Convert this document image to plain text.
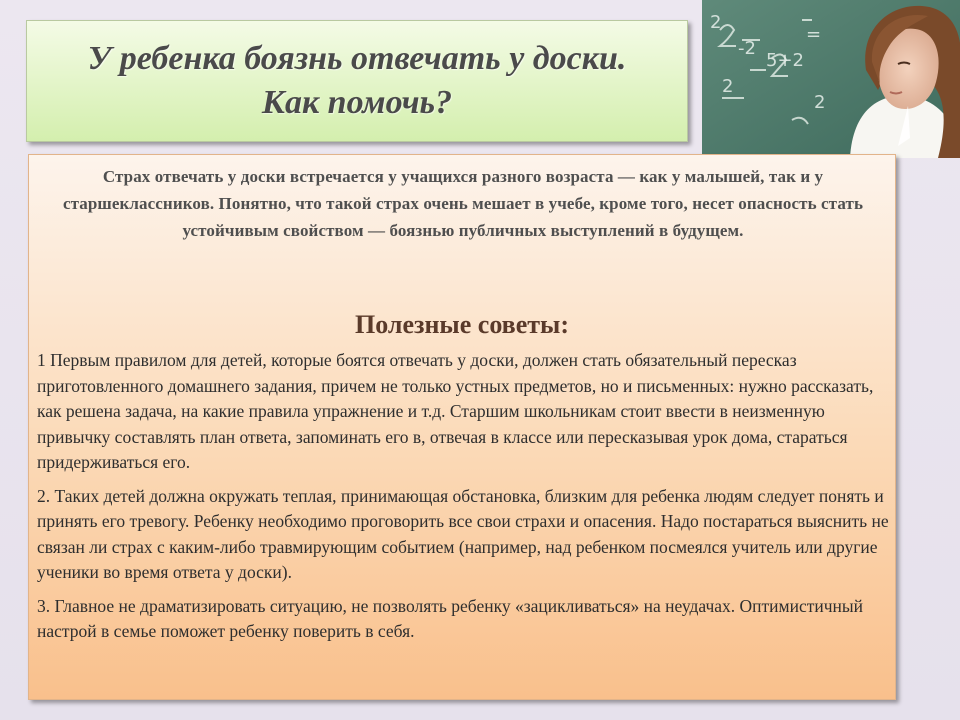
У ребенка боязнь отвечать у доски.
Как помочь?
2
-2
2
5+2
=
2
Страх отвечать у доски встречается у учащихся разного возраста — как у малышей, так и у старшеклассников. Понятно, что такой страх очень мешает в учебе, кроме того, несет опасность стать устойчивым свойством — боязнью публичных выступлений в будущем.
Полезные советы:

1 Первым правилом для детей, которые боятся отвечать у доски, должен стать обязательный пересказ приготовленного домашнего задания, причем не только устных предметов, но и письменных: нужно рассказать, как решена задача, на какие правила упражнение и т.д. Старшим школьникам стоит ввести в неизменную привычку составлять план ответа, запоминать его в, отвечая в классе или пересказывая урок дома, стараться придерживаться его.

2. Таких детей должна окружать теплая, принимающая обстановка, близким для ребенка людям следует понять и принять его тревогу. Ребенку необходимо проговорить все свои страхи и опасения. Надо постараться выяснить не связан ли страх с каким-либо травмирующим событием (например, над ребенком посмеялся учитель или другие ученики во время ответа у доски).

3. Главное не драматизировать ситуацию, не позволять ребенку «зацикливаться» на неудачах. Оптимистичный настрой в семье поможет ребенку поверить в себя.
